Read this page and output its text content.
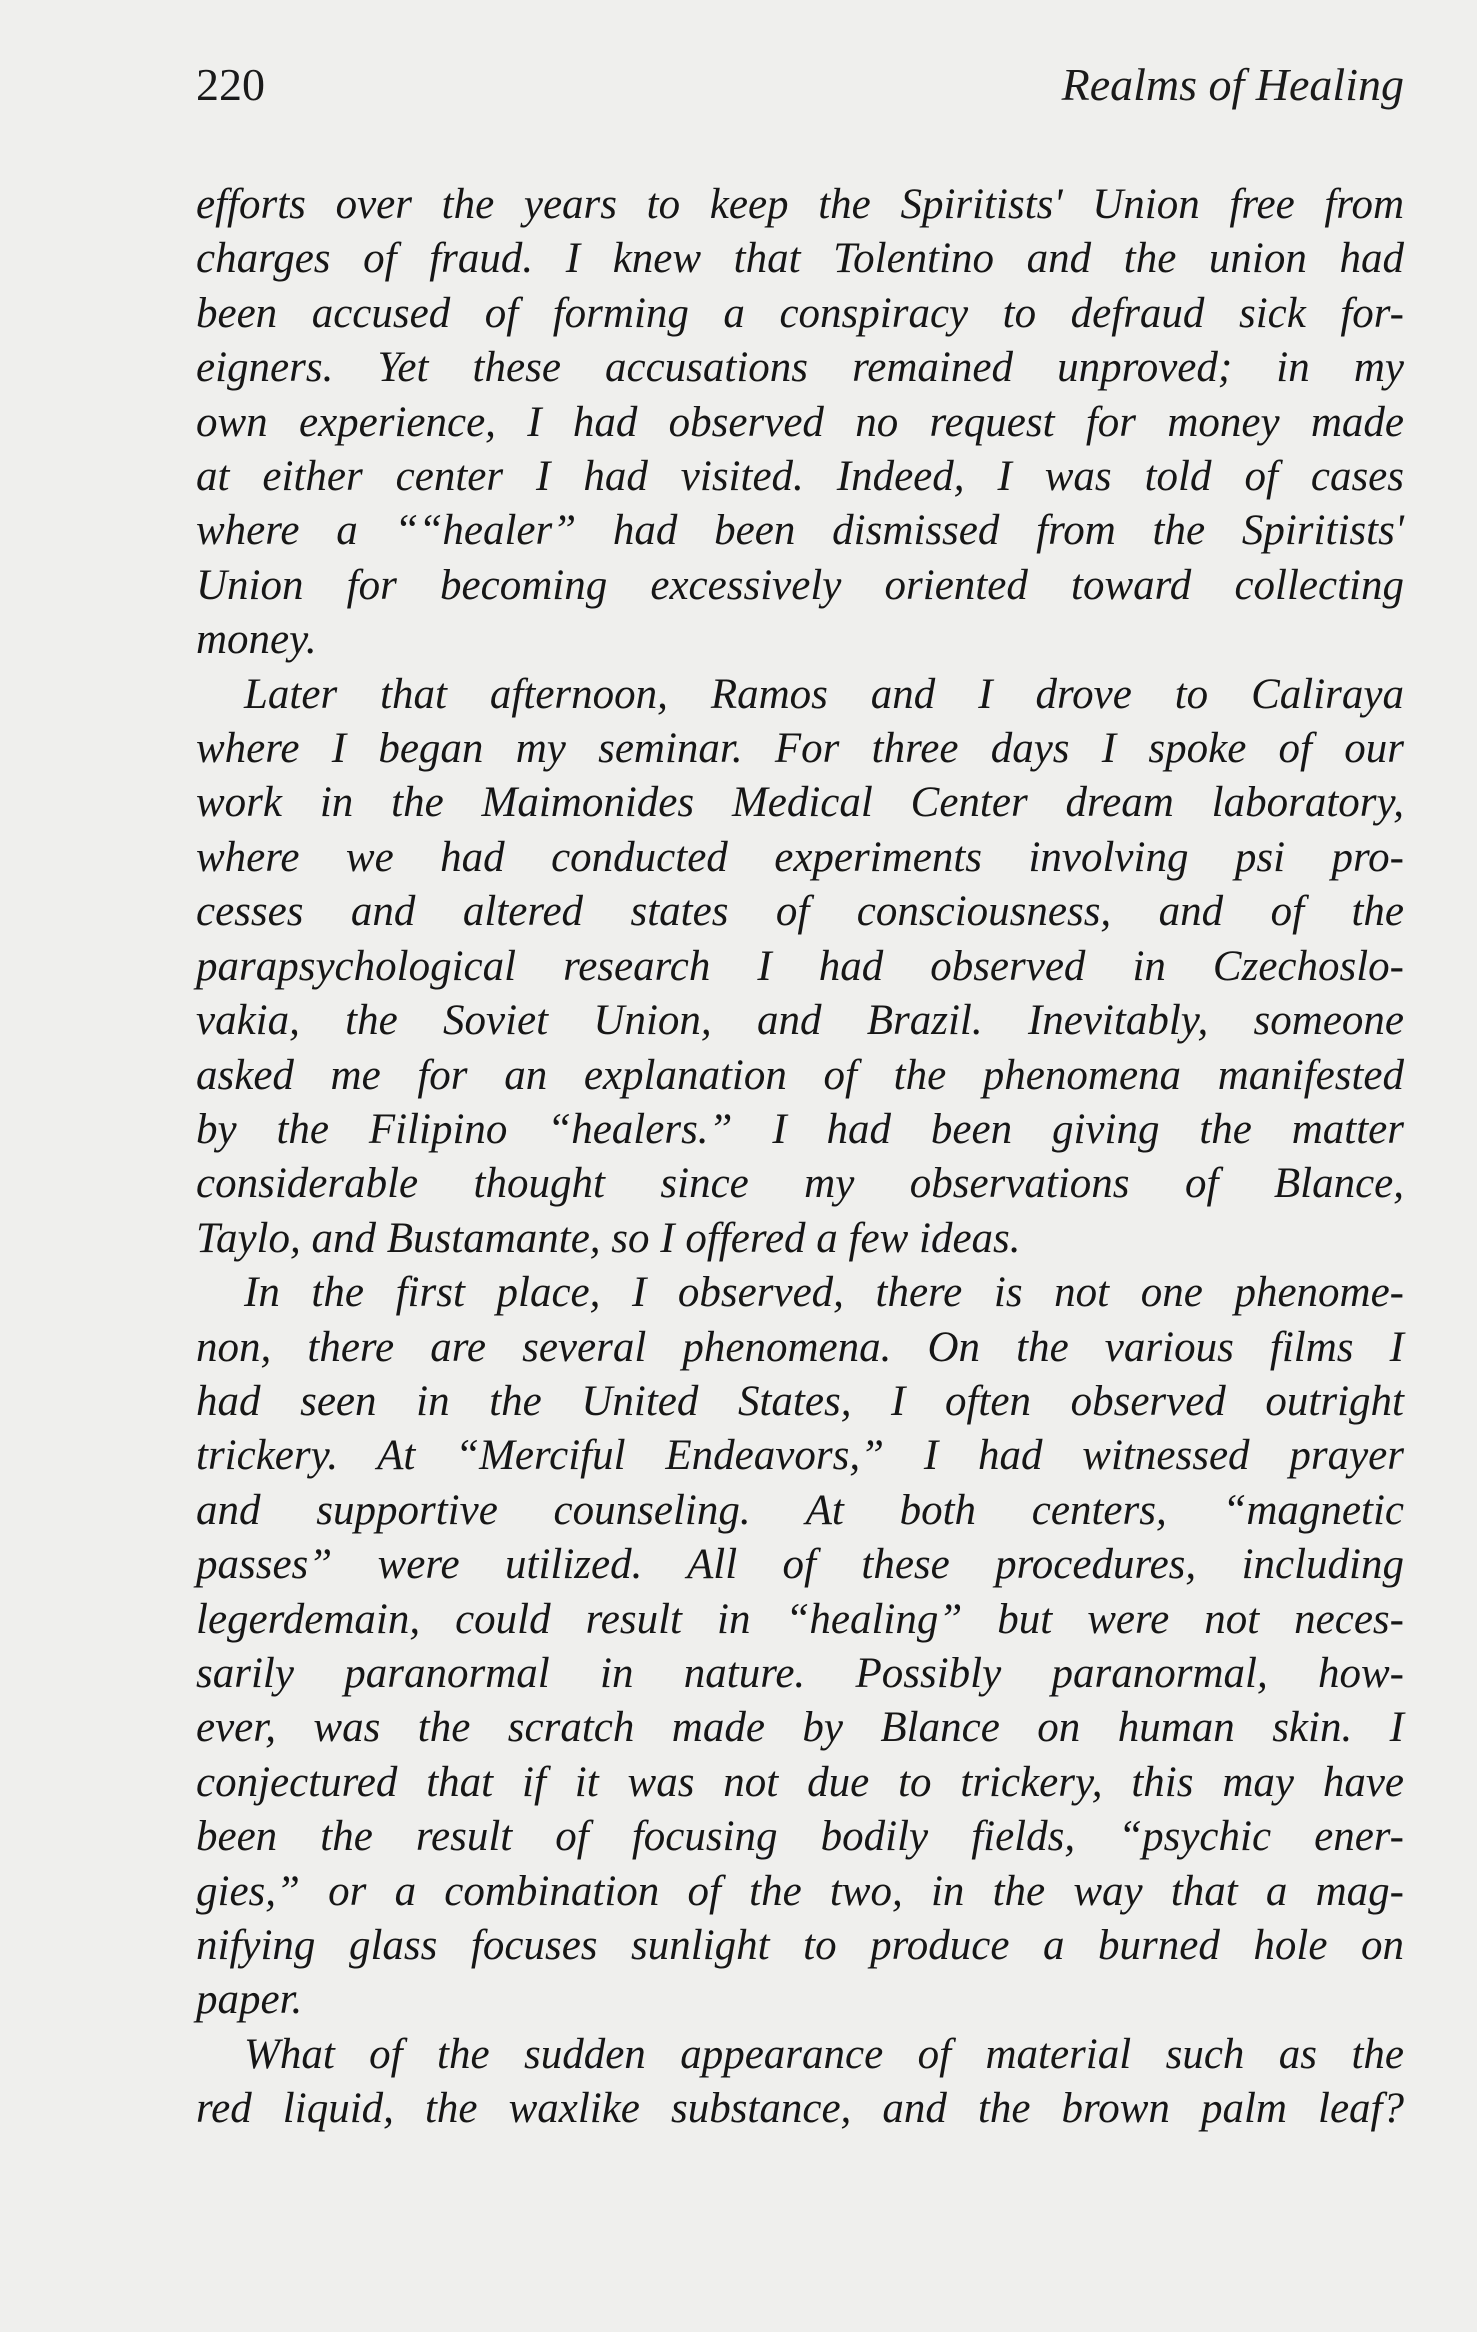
220	Realms of Healing

efforts over the years to keep the Spiritists' Union free from
charges of fraud. I knew that Tolentino and the union had
been accused of forming a conspiracy to defraud sick for-
eigners. Yet these accusations remained unproved; in my
own experience, I had observed no request for money made
at either center I had visited. Indeed, I was told of cases
where a ““healer” had been dismissed from the Spiritists'
Union for becoming excessively oriented toward collecting
money.

Later that afternoon, Ramos and I drove to Caliraya
where I began my seminar. For three days I spoke of our
work in the Maimonides Medical Center dream laboratory,
where we had conducted experiments involving psi pro-
cesses and altered states of consciousness, and of the
parapsychological research I had observed in Czechoslo-
vakia, the Soviet Union, and Brazil. Inevitably, someone
asked me for an explanation of the phenomena manifested
by the Filipino “healers.” I had been giving the matter
considerable thought since my observations of Blance,
Taylo, and Bustamante, so I offered a few ideas.

In the first place, I observed, there is not one phenome-
non, there are several phenomena. On the various films I
had seen in the United States, I often observed outright
trickery. At “Merciful Endeavors,” I had witnessed prayer
and supportive counseling. At both centers, “magnetic
passes” were utilized. All of these procedures, including
legerdemain, could result in “healing” but were not neces-
sarily paranormal in nature. Possibly paranormal, how-
ever, was the scratch made by Blance on human skin. I
conjectured that if it was not due to trickery, this may have
been the result of focusing bodily fields, “psychic ener-
gies,” or a combination of the two, in the way that a mag-
nifying glass focuses sunlight to produce a burned hole on
paper.

What of the sudden appearance of material such as the
red liquid, the waxlike substance, and the brown palm leaf?
